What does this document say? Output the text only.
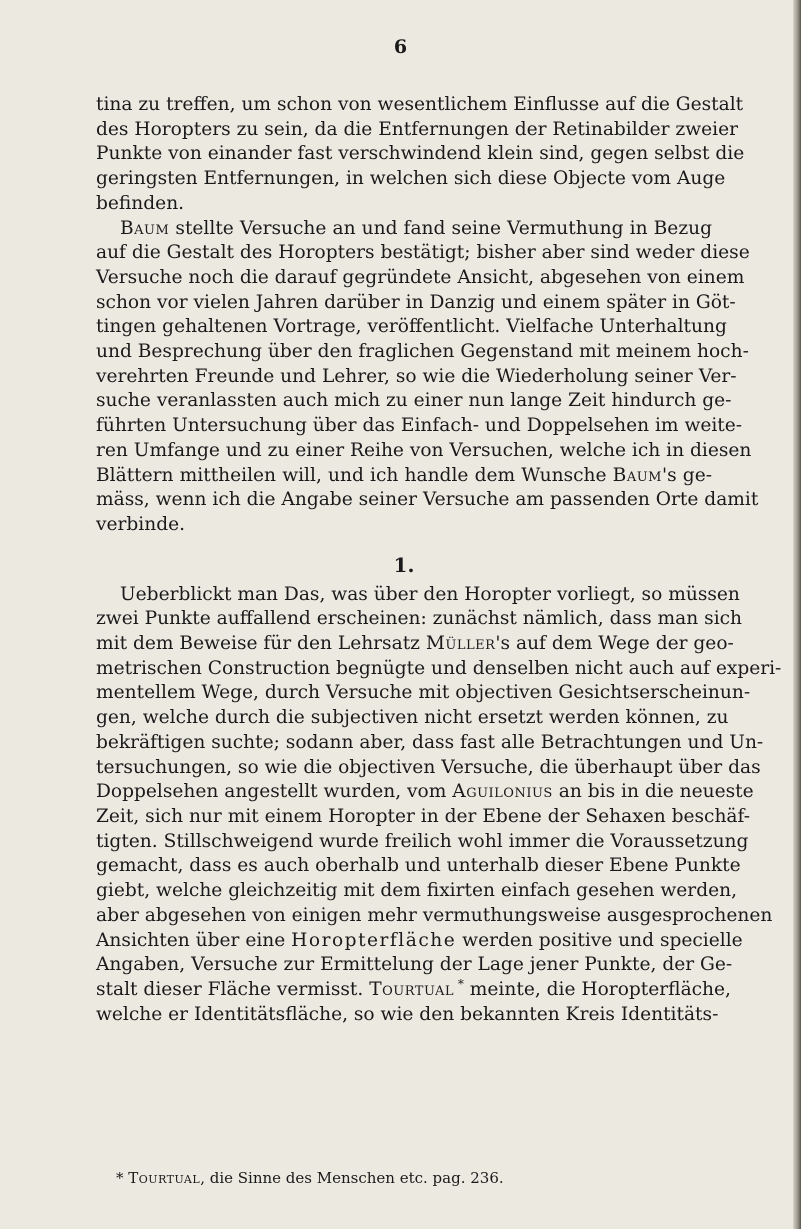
6
tina zu treffen, um schon von wesentlichem Einflusse auf die Gestalt
des Horopters zu sein, da die Entfernungen der Retinabilder zweier
Punkte von einander fast verschwindend klein sind, gegen selbst die
geringsten Entfernungen, in welchen sich diese Objecte vom Auge
befinden.
Baum stellte Versuche an und fand seine Vermuthung in Bezug
auf die Gestalt des Horopters bestätigt; bisher aber sind weder diese
Versuche noch die darauf gegründete Ansicht, abgesehen von einem
schon vor vielen Jahren darüber in Danzig und einem später in Göt-
tingen gehaltenen Vortrage, veröffentlicht. Vielfache Unterhaltung
und Besprechung über den fraglichen Gegenstand mit meinem hoch-
verehrten Freunde und Lehrer, so wie die Wiederholung seiner Ver-
suche veranlassten auch mich zu einer nun lange Zeit hindurch ge-
führten Untersuchung über das Einfach- und Doppelsehen im weite-
ren Umfange und zu einer Reihe von Versuchen, welche ich in diesen
Blättern mittheilen will, und ich handle dem Wunsche Baum's ge-
mäss, wenn ich die Angabe seiner Versuche am passenden Orte damit
verbinde.
1.
Ueberblickt man Das, was über den Horopter vorliegt, so müssen
zwei Punkte auffallend erscheinen: zunächst nämlich, dass man sich
mit dem Beweise für den Lehrsatz Müller's auf dem Wege der geo-
metrischen Construction begnügte und denselben nicht auch auf experi-
mentellem Wege, durch Versuche mit objectiven Gesichtserscheinun-
gen, welche durch die subjectiven nicht ersetzt werden können, zu
bekräftigen suchte; sodann aber, dass fast alle Betrachtungen und Un-
tersuchungen, so wie die objectiven Versuche, die überhaupt über das
Doppelsehen angestellt wurden, vom Aguilonius an bis in die neueste
Zeit, sich nur mit einem Horopter in der Ebene der Sehaxen beschäf-
tigten. Stillschweigend wurde freilich wohl immer die Voraussetzung
gemacht, dass es auch oberhalb und unterhalb dieser Ebene Punkte
giebt, welche gleichzeitig mit dem fixirten einfach gesehen werden,
aber abgesehen von einigen mehr vermuthungsweise ausgesprochenen
Ansichten über eine Horopterfläche werden positive und specielle
Angaben, Versuche zur Ermittelung der Lage jener Punkte, der Ge-
stalt dieser Fläche vermisst. Tourtual * meinte, die Horopterfläche,
welche er Identitätsfläche, so wie den bekannten Kreis Identitäts-
* Tourtual, die Sinne des Menschen etc. pag. 236.
